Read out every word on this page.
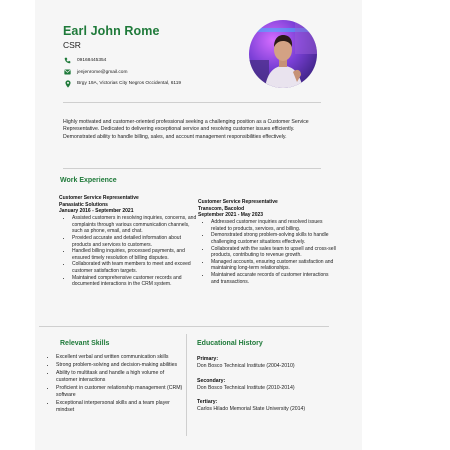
Earl John Rome
CSR
09168445354
jenjenrome@gmail.com
Brgy 19A, Victorias City Negros Occidental, 6119
Highly motivated and customer-oriented professional seeking a challenging position as a Customer Service Representative. Dedicated to delivering exceptional service and resolving customer issues efficiently. Demonstrated ability to handle billing, sales, and account management responsibilities effectively.
Work Experience
Customer Service Representative
Panasiatic Solutions
January 2016 - September 2021
• Assisted customers in resolving inquiries, concerns, and complaints through various communication channels, such as phone, email, and chat.
• Provided accurate and detailed information about products and services to customers.
• Handled billing inquiries, processed payments, and ensured timely resolution of billing disputes.
• Collaborated with team members to meet and exceed customer satisfaction targets.
• Maintained comprehensive customer records and documented interactions in the CRM system.
Customer Service Representative
Transcom, Bacolod
September 2021 - May 2023
• Addressed customer inquiries and resolved issues related to products, services, and billing.
• Demonstrated strong problem-solving skills to handle challenging customer situations effectively.
• Collaborated with the sales team to upsell and cross-sell products, contributing to revenue growth.
• Managed accounts, ensuring customer satisfaction and maintaining long-term relationships.
• Maintained accurate records of customer interactions and transactions.
Relevant Skills	Educational History
• Excellent verbal and written communication skills
• Strong problem-solving and decision-making abilities
• Ability to multitask and handle a high volume of customer interactions
• Proficient in customer relationship management (CRM) software
• Exceptional interpersonal skills and a team player mindset
Primary:
Don Bosco Technical Institute (2004-2010)
Secondary:
Don Bosco Technical Institute (2010-2014)
Tertiary:
Carlos Hilado Memorial State University (2014)
